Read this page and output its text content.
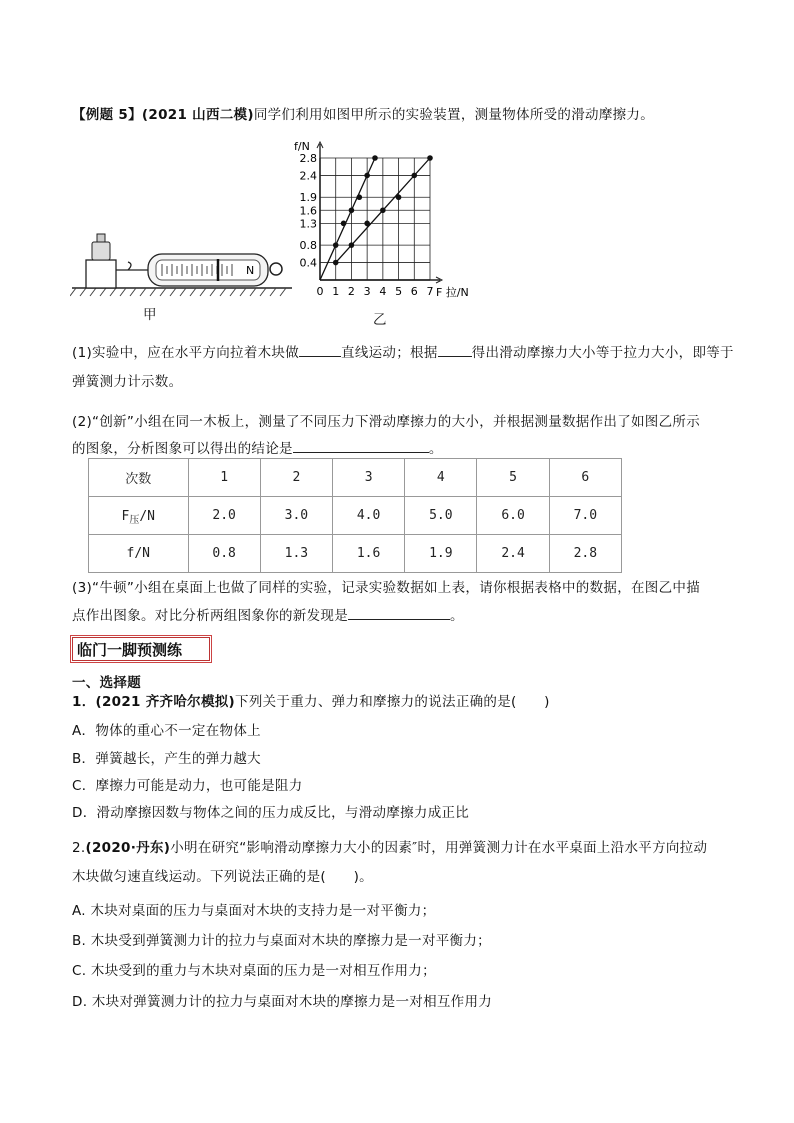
【例题 5】(2021 山西二模)同学们利用如图甲所示的实验装置，测量物体所受的滑动摩擦力。
N
甲
0.4
0.8
1.3
1.6
1.9
2.4
2.8
0 1 2 3 4 5 6 7
f/N
F 拉/N
乙
(1)实验中，应在水平方向拉着木块做	直线运动；根据	得出滑动摩擦力大小等于拉力大小，即等于
弹簧测力计示数。
(2)“创新”小组在同一木板上，测量了不同压力下滑动摩擦力的大小，并根据测量数据作出了如图乙所示
的图象，分析图象可以得出的结论是	。
次数	1	2	3	4	5	6
$F_压/N$	2.0	3.0	4.0	5.0	6.0	7.0
f/N	0.8	1.3	1.6	1.9	2.4	2.8
(3)“牛顿”小组在桌面上也做了同样的实验，记录实验数据如上表，请你根据表格中的数据，在图乙中描
点作出图象。对比分析两组图象你的新发现是	。
临门一脚预测练
一、选择题
1．(2021 齐齐哈尔模拟)下列关于重力、弹力和摩擦力的说法正确的是(　　)
A．物体的重心不一定在物体上
B．弹簧越长，产生的弹力越大
C．摩擦力可能是动力，也可能是阻力
D．滑动摩擦因数与物体之间的压力成反比，与滑动摩擦力成正比
2.(2020·丹东)小明在研究“影响滑动摩擦力大小的因素″时，用弹簧测力计在水平桌面上沿水平方向拉动
木块做匀速直线运动。下列说法正确的是(　　)。
A. 木块对桌面的压力与桌面对木块的支持力是一对平衡力；
B. 木块受到弹簧测力计的拉力与桌面对木块的摩擦力是一对平衡力；
C. 木块受到的重力与木块对桌面的压力是一对相互作用力；
D. 木块对弹簧测力计的拉力与桌面对木块的摩擦力是一对相互作用力
